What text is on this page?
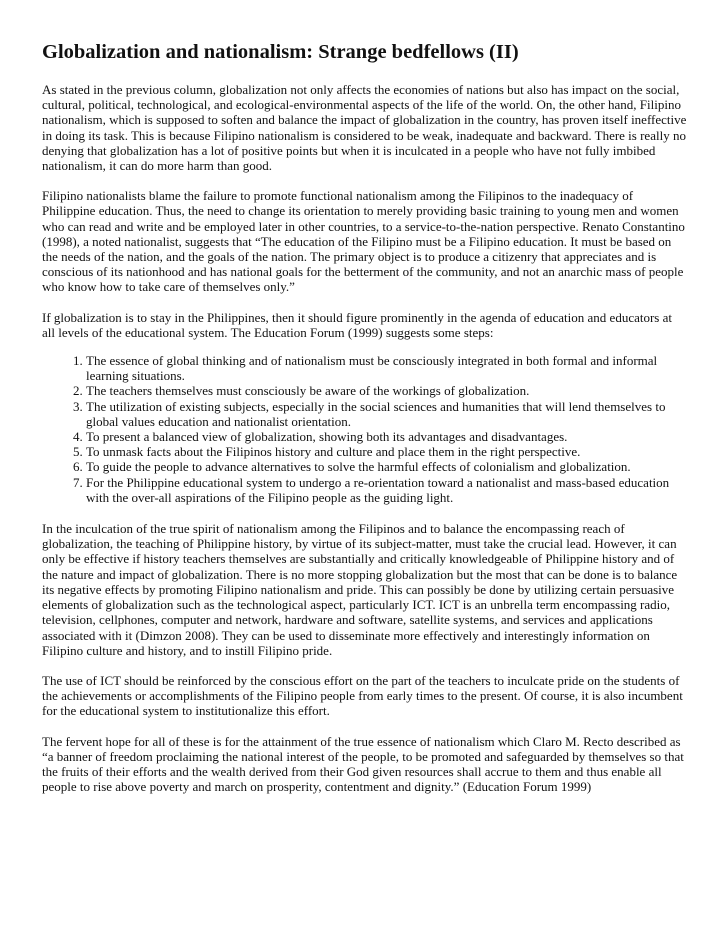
Globalization and nationalism: Strange bedfellows (II)

As stated in the previous column, globalization not only affects the economies of nations but also has impact on the social, cultural, political, technological, and ecological-environmental aspects of the life of the world. On, the other hand, Filipino nationalism, which is supposed to soften and balance the impact of globalization in the country, has proven itself ineffective in doing its task. This is because Filipino nationalism is considered to be weak, inadequate and backward. There is really no denying that globalization has a lot of positive points but when it is inculcated in a people who have not fully imbibed nationalism, it can do more harm than good.

Filipino nationalists blame the failure to promote functional nationalism among the Filipinos to the inadequacy of Philippine education. Thus, the need to change its orientation to merely providing basic training to young men and women who can read and write and be employed later in other countries, to a service-to-the-nation perspective. Renato Constantino (1998), a noted nationalist, suggests that “The education of the Filipino must be a Filipino education. It must be based on the needs of the nation, and the goals of the nation. The primary object is to produce a citizenry that appreciates and is conscious of its nationhood and has national goals for the betterment of the community, and not an anarchic mass of people who know how to take care of themselves only.”

If globalization is to stay in the Philippines, then it should figure prominently in the agenda of education and educators at all levels of the educational system. The Education Forum (1999) suggests some steps:

1. The essence of global thinking and of nationalism must be consciously integrated in both formal and informal learning situations.
2. The teachers themselves must consciously be aware of the workings of globalization.
3. The utilization of existing subjects, especially in the social sciences and humanities that will lend themselves to global values education and nationalist orientation.
4. To present a balanced view of globalization, showing both its advantages and disadvantages.
5. To unmask facts about the Filipinos history and culture and place them in the right perspective.
6. To guide the people to advance alternatives to solve the harmful effects of colonialism and globalization.
7. For the Philippine educational system to undergo a re-orientation toward a nationalist and mass-based education with the over-all aspirations of the Filipino people as the guiding light.

In the inculcation of the true spirit of nationalism among the Filipinos and to balance the encompassing reach of globalization, the teaching of Philippine history, by virtue of its subject-matter, must take the crucial lead. However, it can only be effective if history teachers themselves are substantially and critically knowledgeable of Philippine history and of the nature and impact of globalization. There is no more stopping globalization but the most that can be done is to balance its negative effects by promoting Filipino nationalism and pride. This can possibly be done by utilizing certain persuasive elements of globalization such as the technological aspect, particularly ICT. ICT is an unbrella term encompassing radio, television, cellphones, computer and network, hardware and software, satellite systems, and services and applications associated with it (Dimzon 2008). They can be used to disseminate more effectively and interestingly information on Filipino culture and history, and to instill Filipino pride.

The use of ICT should be reinforced by the conscious effort on the part of the teachers to inculcate pride on the students of the achievements or accomplishments of the Filipino people from early times to the present. Of course, it is also incumbent for the educational system to institutionalize this effort.

The fervent hope for all of these is for the attainment of the true essence of nationalism which Claro M. Recto described as “a banner of freedom proclaiming the national interest of the people, to be promoted and safeguarded by themselves so that the fruits of their efforts and the wealth derived from their God given resources shall accrue to them and thus enable all people to rise above poverty and march on prosperity, contentment and dignity.” (Education Forum 1999)
